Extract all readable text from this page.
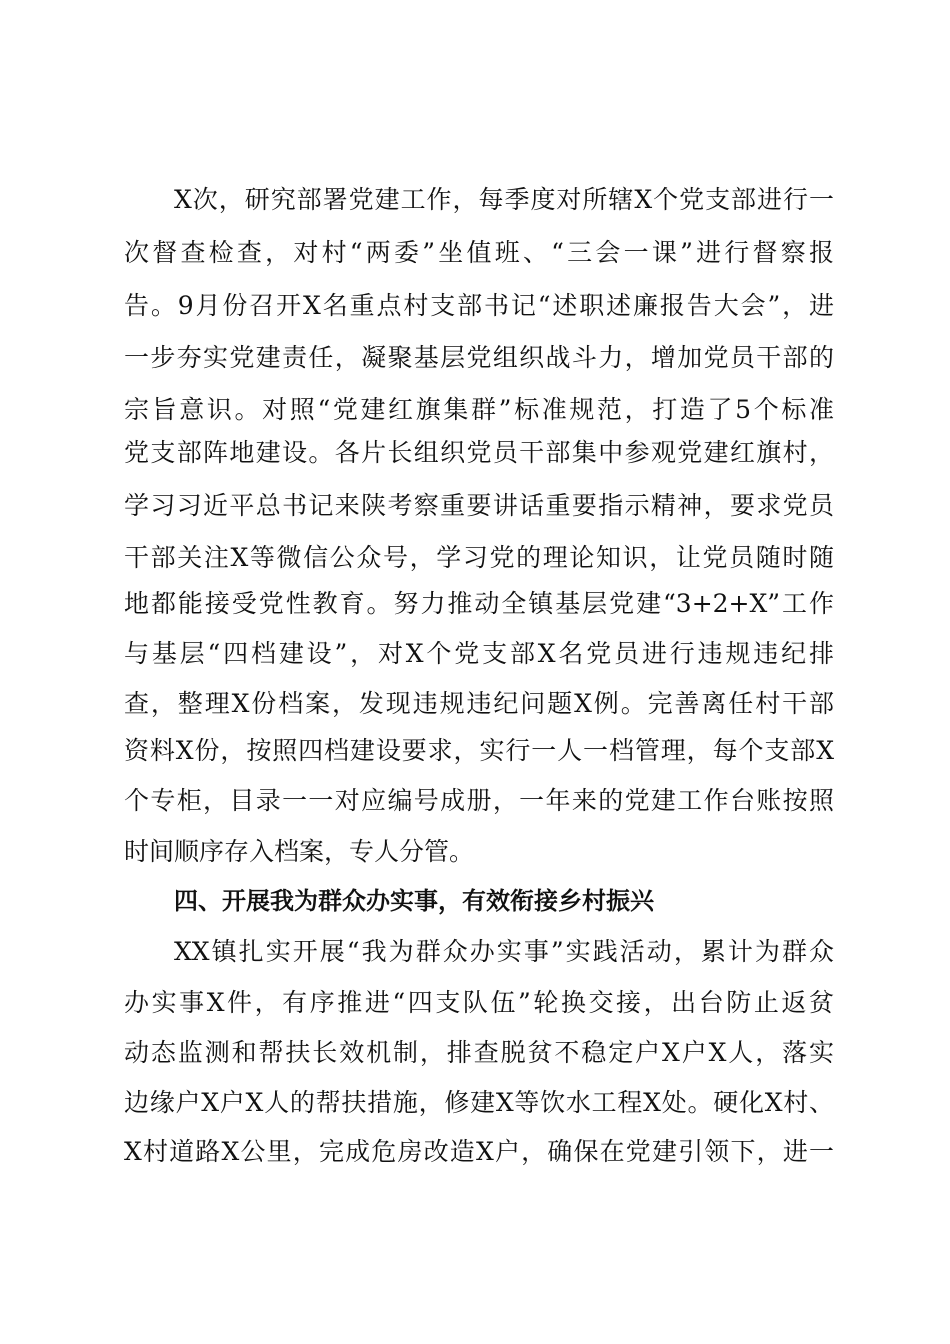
X次，研究部署党建工作，每季度对所辖X个党支部进行一

次督查检查，对村“两委”坐值班、“三会一课”进行督察报

告。9月份召开X名重点村支部书记“述职述廉报告大会”，进

一步夯实党建责任，凝聚基层党组织战斗力，增加党员干部的

宗旨意识。对照“党建红旗集群”标准规范，打造了5个标准

党支部阵地建设。各片长组织党员干部集中参观党建红旗村，

学习习近平总书记来陕考察重要讲话重要指示精神，要求党员

干部关注X等微信公众号，学习党的理论知识，让党员随时随

地都能接受党性教育。努力推动全镇基层党建“3+2+X”工作

与基层“四档建设”，对X个党支部X名党员进行违规违纪排

查，整理X份档案，发现违规违纪问题X例。完善离任村干部

资料X份，按照四档建设要求，实行一人一档管理，每个支部X

个专柜，目录一一对应编号成册，一年来的党建工作台账按照

时间顺序存入档案，专人分管。

四、开展我为群众办实事，有效衔接乡村振兴

XX镇扎实开展“我为群众办实事”实践活动，累计为群众

办实事X件，有序推进“四支队伍”轮换交接，出台防止返贫

动态监测和帮扶长效机制，排查脱贫不稳定户X户X人，落实

边缘户X户X人的帮扶措施，修建X等饮水工程X处。硬化X村、

X村道路X公里，完成危房改造X户，确保在党建引领下，进一
